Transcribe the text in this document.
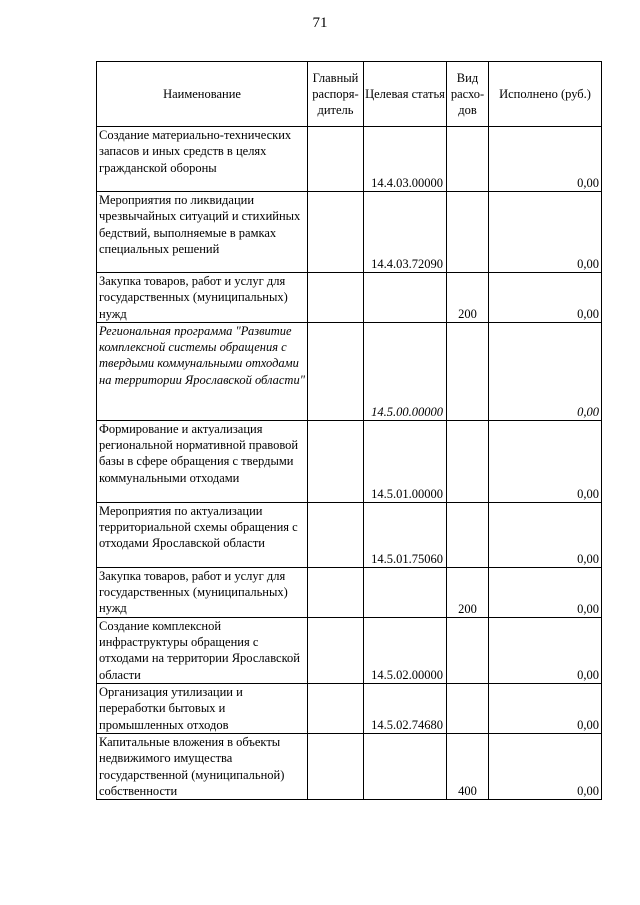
71
Наименование	Главный распоря-дитель	Целевая статья	Вид расхо-дов	Исполнено (руб.)
Создание материально-технических запасов и иных средств в целях гражданской обороны		14.4.03.00000		0,00
Мероприятия по ликвидации чрезвычайных ситуаций и стихийных бедствий, выполняемые в рамках специальных решений		14.4.03.72090		0,00
Закупка товаров, работ и услуг для государственных (муниципальных) нужд			200	0,00
Региональная программа "Развитие комплексной системы обращения с твердыми коммунальными отходами на территории Ярославской области"		14.5.00.00000		0,00
Формирование и актуализация региональной нормативной правовой базы в сфере обращения с твердыми коммунальными отходами		14.5.01.00000		0,00
Мероприятия по актуализации территориальной схемы обращения с отходами Ярославской области		14.5.01.75060		0,00
Закупка товаров, работ и услуг для государственных (муниципальных) нужд			200	0,00
Создание комплексной инфраструктуры обращения с отходами на территории Ярославской области		14.5.02.00000		0,00
Организация утилизации и переработки бытовых и промышленных отходов		14.5.02.74680		0,00
Капитальные вложения в объекты недвижимого имущества государственной (муниципальной) собственности			400	0,00
